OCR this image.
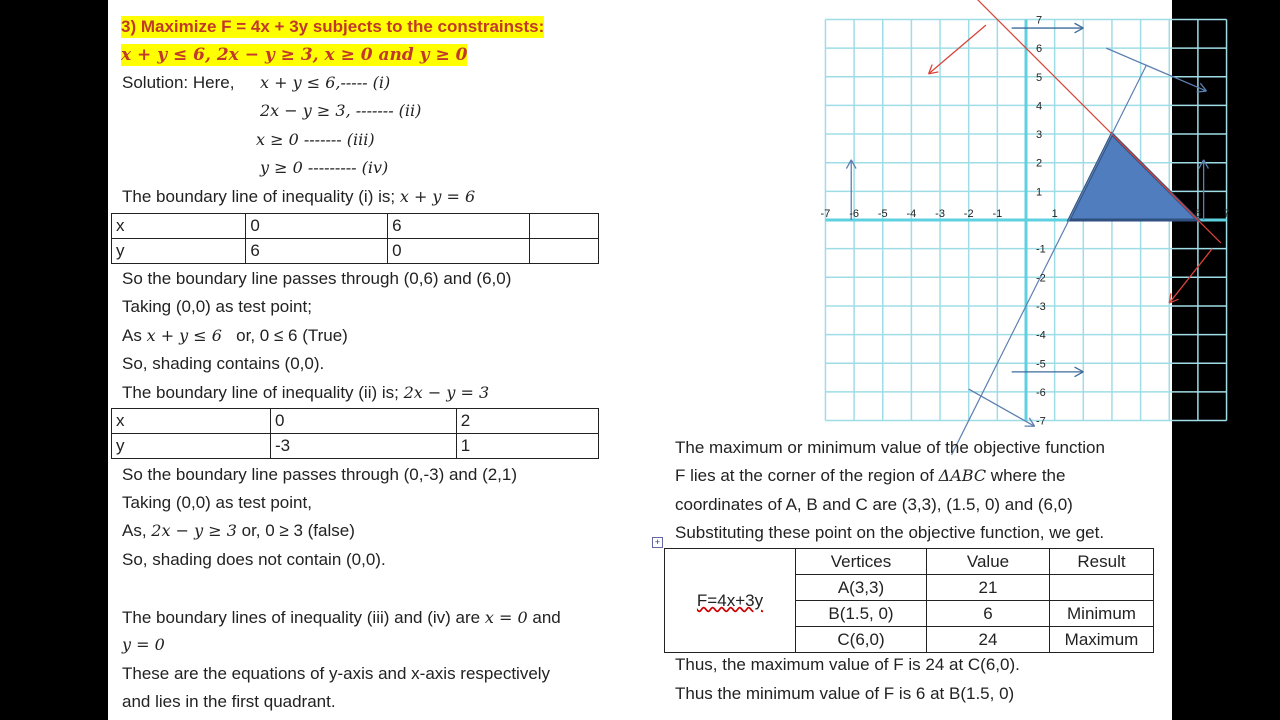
3) Maximize F = 4x + 3y subjects to the constrainsts:
x + y ≤ 6, 2x − y ≥ 3, x ≥ 0 and y ≥ 0
Solution: Here, x + y ≤ 6,----- (i)
2x − y ≥ 3, ------- (ii)
x ≥ 0 ------- (iii)
y ≥ 0 --------- (iv)
The boundary line of inequality (i) is; x + y = 6
x	0	6	
y	6	0	
So the boundary line passes through (0,6) and (6,0)
Taking (0,0) as test point;
As x + y ≤ 6 or, 0 ≤ 6 (True)
So, shading contains (0,0).
The boundary line of inequality (ii) is; 2x − y = 3
x	0	2
y	-3	1
So the boundary line passes through (0,-3) and (2,1)
Taking (0,0) as test point,
As, 2x − y ≥ 3 or, 0 ≥ 3 (false)
So, shading does not contain (0,0).
The boundary lines of inequality (iii) and (iv) are x = 0 and
y = 0
These are the equations of y-axis and x-axis respectively
and lies in the first quadrant.
-7 -6 -5 -4 -3 -2 -1	1	6 7
7
6
5
4
3
2
1
-1
-2
-3
-4
-5
-6
-7
The maximum or minimum value of the objective function
F lies at the corner of the region of ΔABC where the
coordinates of A, B and C are (3,3), (1.5, 0) and (6,0)
Substituting these point on the objective function, we get.
+
F=4x+3y	Vertices	Value	Result
	A(3,3)	21	
	B(1.5, 0)	6	Minimum
	C(6,0)	24	Maximum
Thus, the maximum value of F is 24 at C(6,0).
Thus the minimum value of F is 6 at B(1.5, 0)
